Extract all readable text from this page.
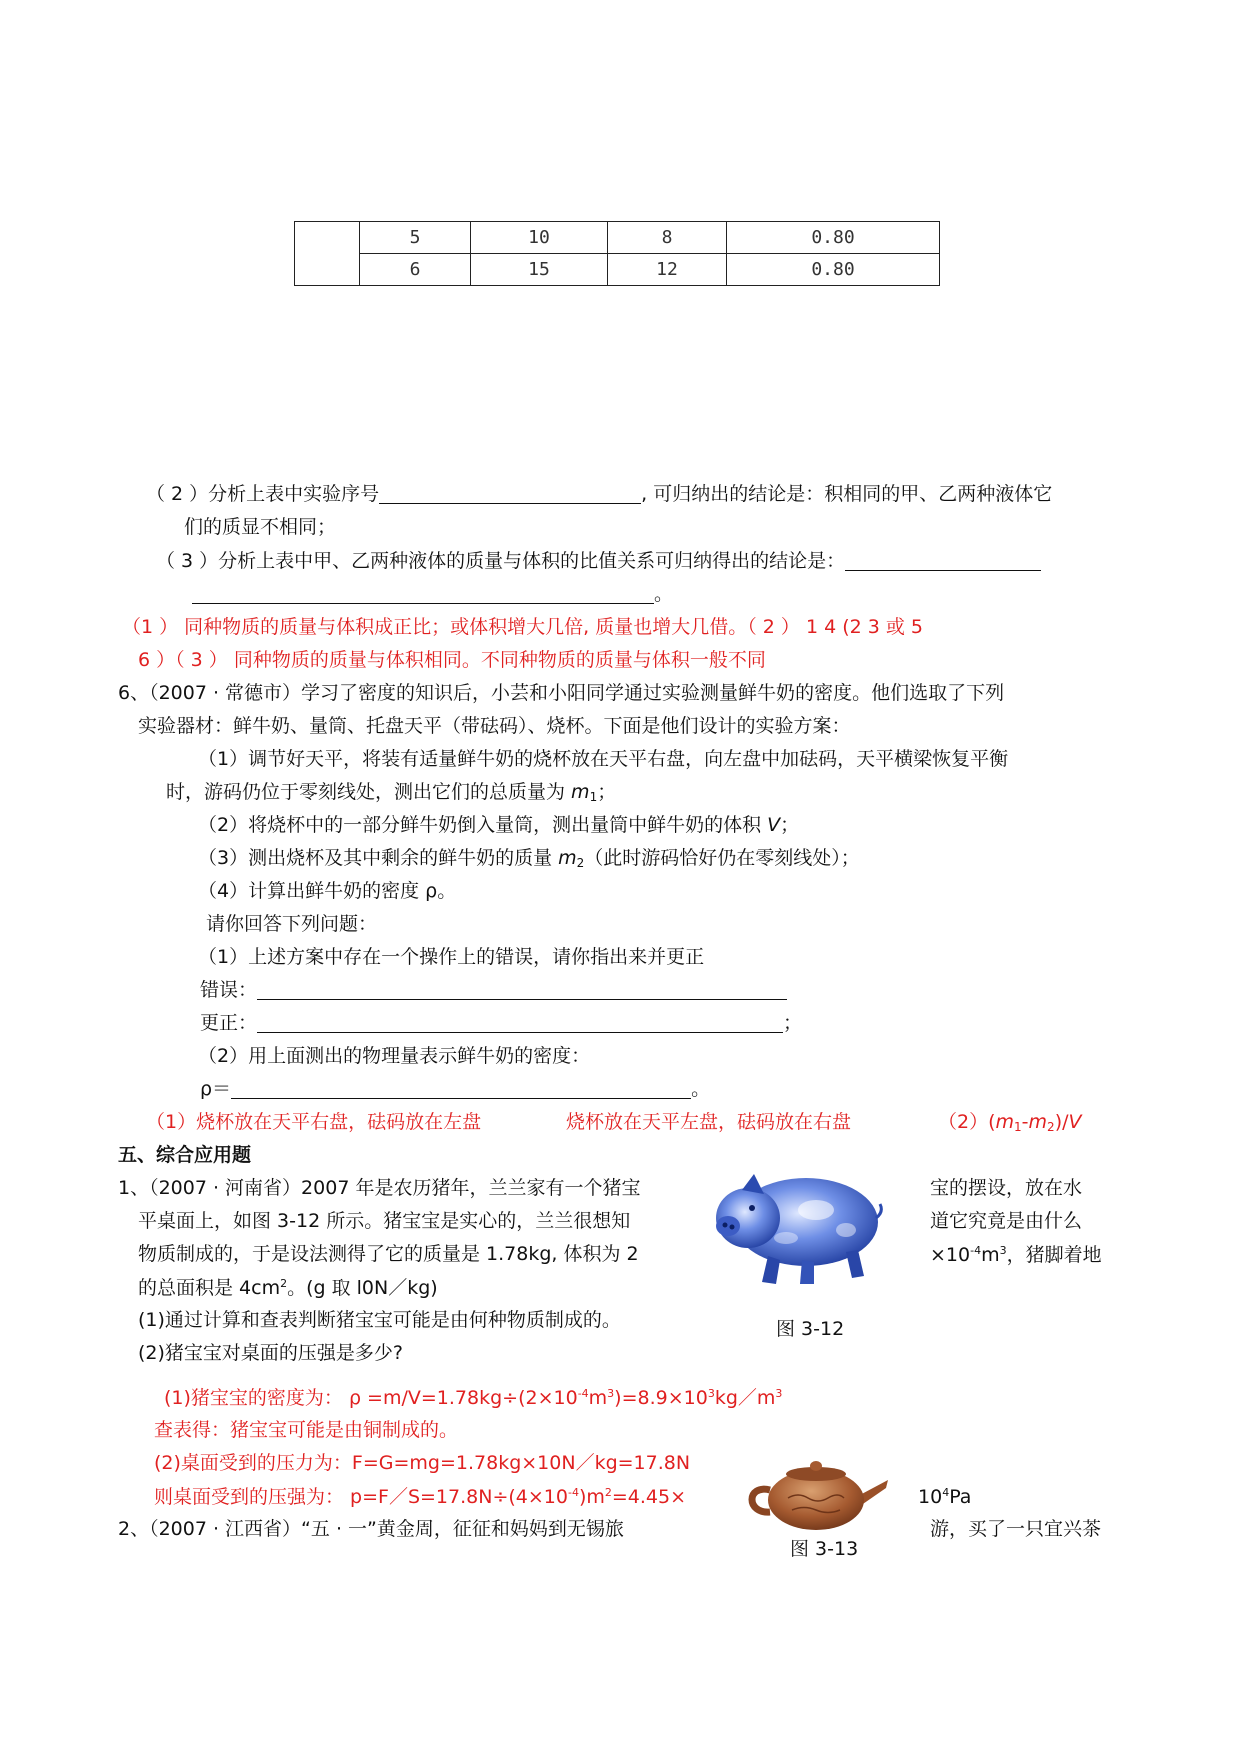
	5	10	8	0.80
	6	15	12	0.80
（ 2 ）分析上表中实验序号	, 可归纳出的结论是：积相同的甲、乙两种液体它
们的质显不相同；
（ 3 ）分析上表中甲、乙两种液体的质量与体积的比值关系可归纳得出的结论是：
。
（1 ） 同种物质的质量与体积成正比；或体积增大几倍, 质量也增大几借。（ 2 ） 1 4 (2 3 或 5
6 ）（ 3 ） 同种物质的质量与体积相同。不同种物质的质量与体积一般不同
6、（2007 · 常德市）学习了密度的知识后，小芸和小阳同学通过实验测量鲜牛奶的密度。他们选取了下列
实验器材：鲜牛奶、量筒、托盘天平（带砝码）、烧杯。下面是他们设计的实验方案：
（1）调节好天平，将装有适量鲜牛奶的烧杯放在天平右盘，向左盘中加砝码，天平横梁恢复平衡
时，游码仍位于零刻线处，测出它们的总质量为 $m_1$；
（2）将烧杯中的一部分鲜牛奶倒入量筒，测出量筒中鲜牛奶的体积 V；
（3）测出烧杯及其中剩余的鲜牛奶的质量 $m_2$（此时游码恰好仍在零刻线处）；
（4）计算出鲜牛奶的密度 ρ。
请你回答下列问题：
（1）上述方案中存在一个操作上的错误，请你指出来并更正
错误：
更正：	；
（2）用上面测出的物理量表示鲜牛奶的密度：
ρ＝	。
（1）烧杯放在天平右盘，砝码放在左盘	烧杯放在天平左盘，砝码放在右盘	$(2)(m_1-m_2)/V$
五、综合应用题
1、（2007 · 河南省）2007 年是农历猪年，兰兰家有一个猪宝	宝的摆设，放在水
平桌面上，如图 3-12 所示。猪宝宝是实心的，兰兰很想知	道它究竟是由什么
物质制成的，于是设法测得了它的质量是 1.78kg, 体积为 2	$\times 10^{-4}m^3$，猪脚着地
的总面积是 $4cm^2$。(g 取 l0N／kg)
(1)通过计算和查表判断猪宝宝可能是由何种物质制成的。
(2)猪宝宝对桌面的压强是多少?
图 3-12
(1)猪宝宝的密度为： $\rho =m/V=1.78kg\div(2\times 10^{-4}m^3)=8.9\times 10^3kg/m^3$
查表得：猪宝宝可能是由铜制成的。
(2)桌面受到的压力为：F=G=mg=1.78kg×10N／kg=17.8N
则桌面受到的压强为： $p=F/S=17.8N\div(4\times 10^{-4})m^2=4.45\times$	$10^4Pa$
2、（2007 · 江西省）“五 · 一”黄金周，征征和妈妈到无锡旅	游，买了一只宜兴茶
图 3-13
